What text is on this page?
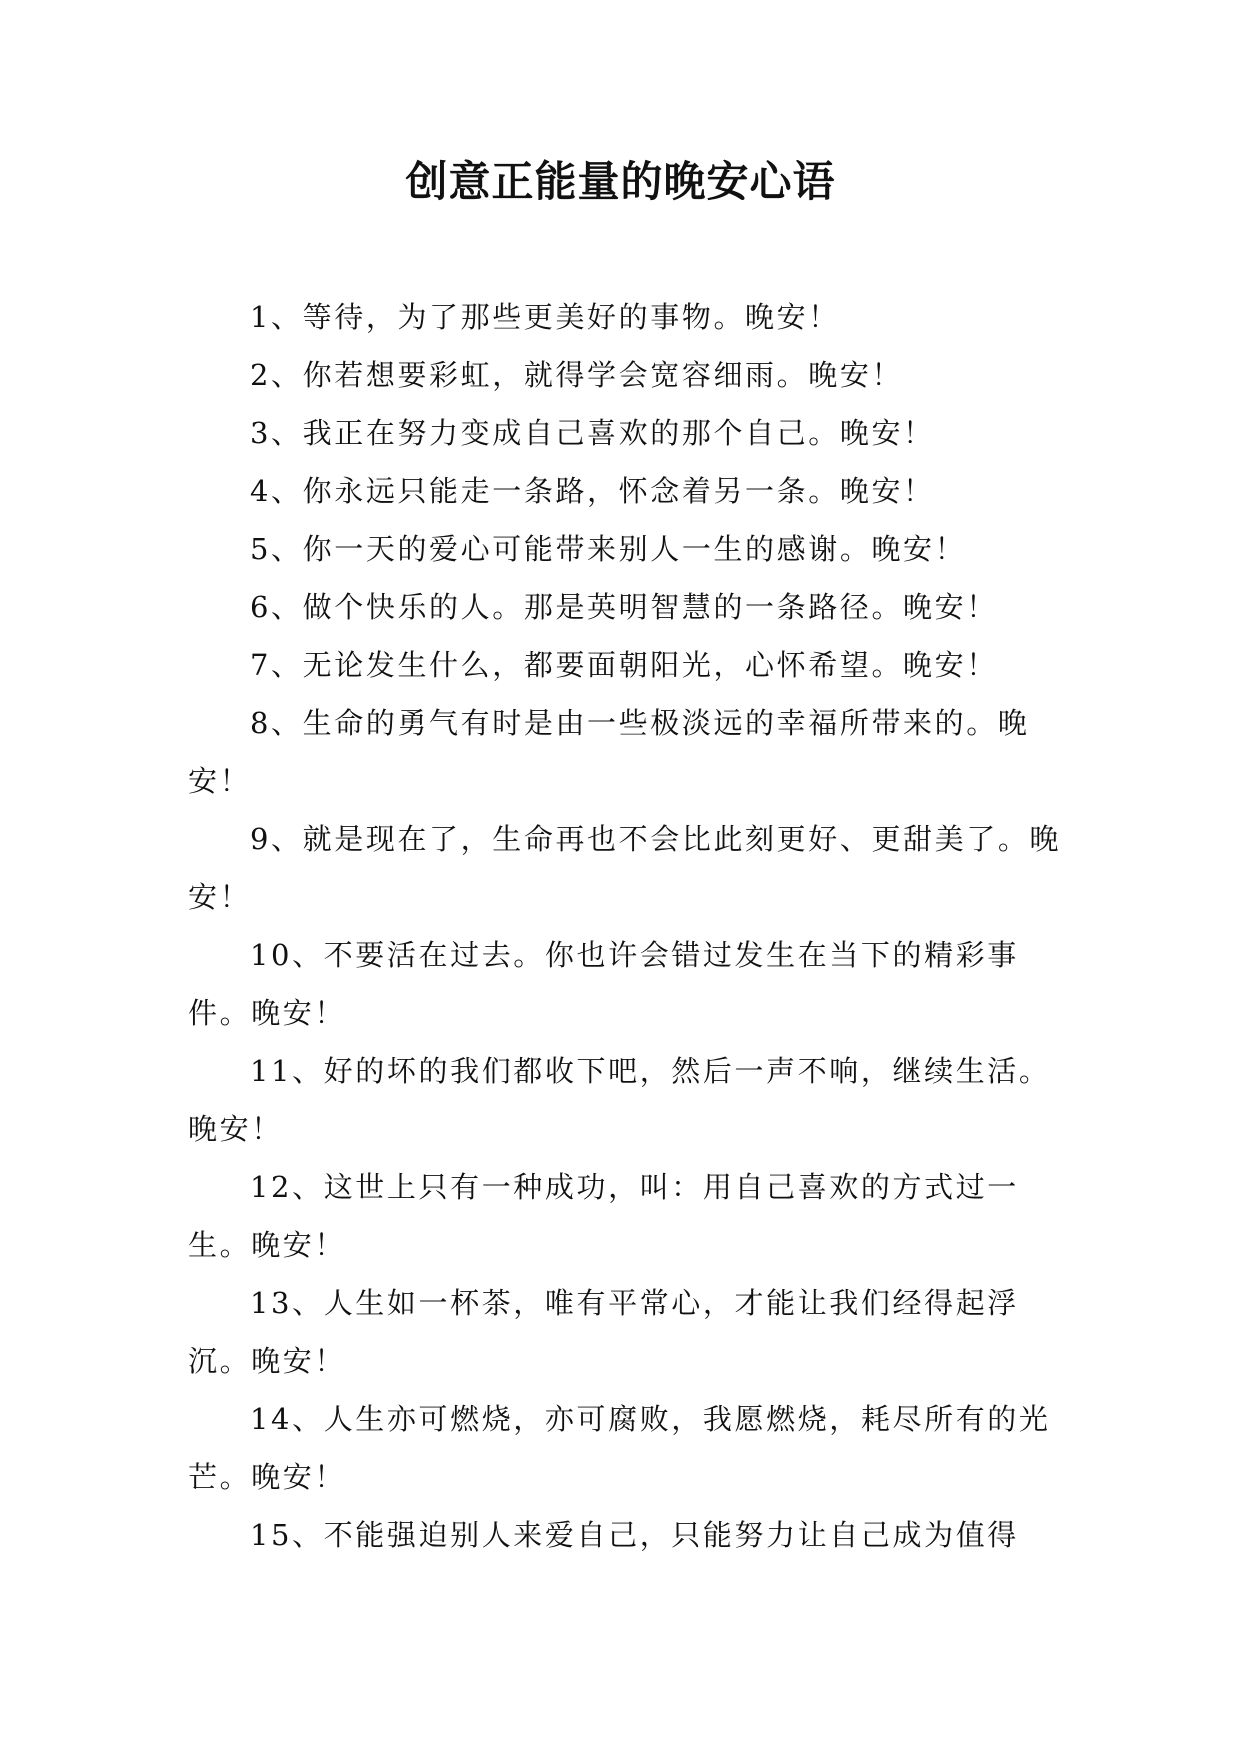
创意正能量的晚安心语

1、等待，为了那些更美好的事物。晚安！

2、你若想要彩虹，就得学会宽容细雨。晚安！

3、我正在努力变成自己喜欢的那个自己。晚安！

4、你永远只能走一条路，怀念着另一条。晚安！

5、你一天的爱心可能带来别人一生的感谢。晚安！

6、做个快乐的人。那是英明智慧的一条路径。晚安！

7、无论发生什么，都要面朝阳光，心怀希望。晚安！

8、生命的勇气有时是由一些极淡远的幸福所带来的。晚安！

9、就是现在了，生命再也不会比此刻更好、更甜美了。晚安！

10、不要活在过去。你也许会错过发生在当下的精彩事件。晚安！

11、好的坏的我们都收下吧，然后一声不响，继续生活。晚安！

12、这世上只有一种成功，叫：用自己喜欢的方式过一生。晚安！

13、人生如一杯茶，唯有平常心，才能让我们经得起浮沉。晚安！

14、人生亦可燃烧，亦可腐败，我愿燃烧，耗尽所有的光芒。晚安！

15、不能强迫别人来爱自己，只能努力让自己成为值得
